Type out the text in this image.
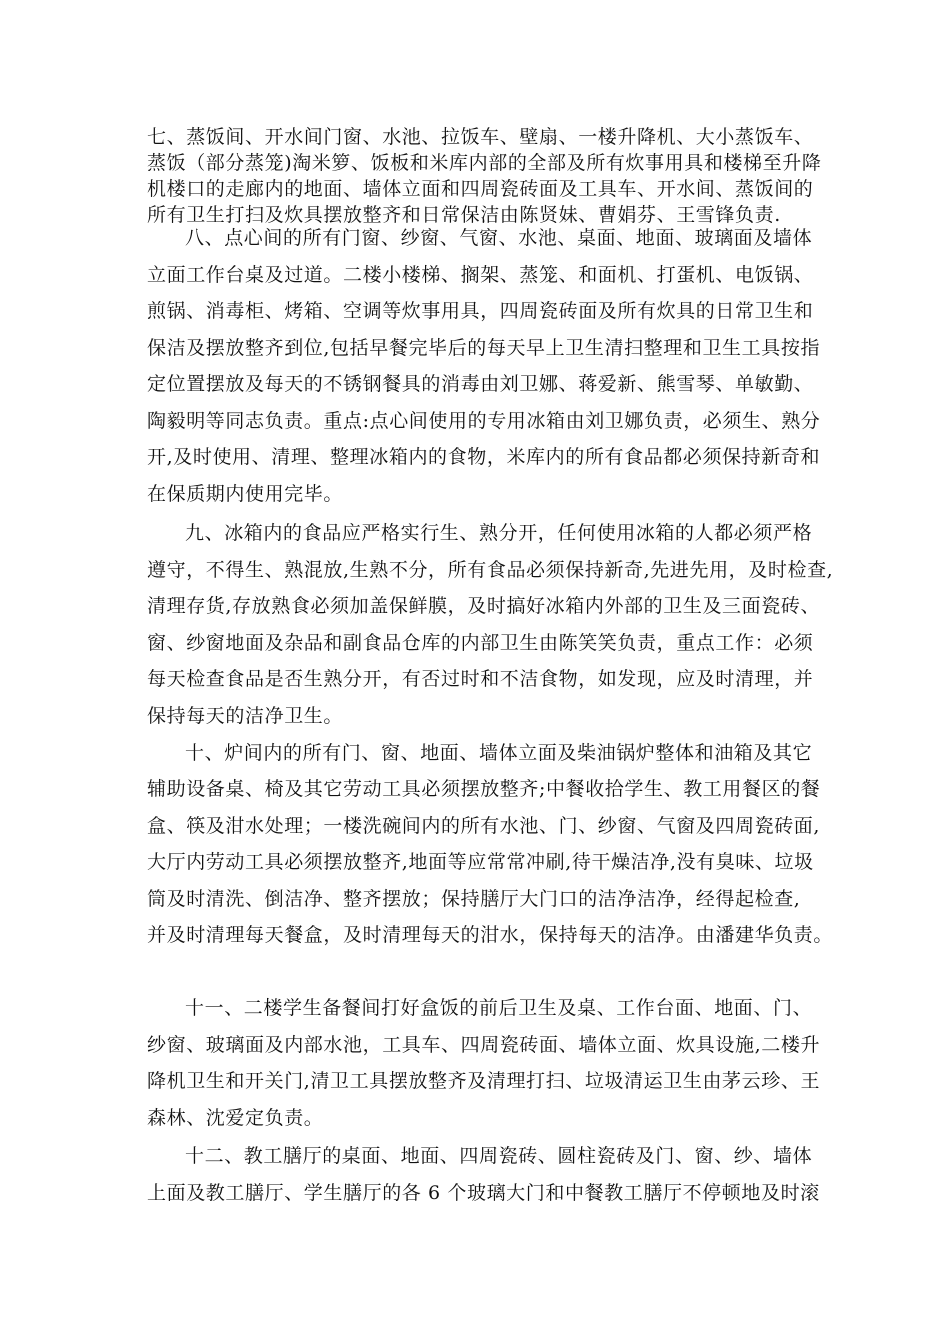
七、蒸饭间、开水间门窗、水池、拉饭车、壁扇、一楼升降机、大小蒸饭车、
蒸饭（部分蒸笼)淘米箩、饭板和米库内部的全部及所有炊事用具和楼梯至升降
机楼口的走廊内的地面、墙体立面和四周瓷砖面及工具车、开水间、蒸饭间的
所有卫生打扫及炊具摆放整齐和日常保洁由陈贤妹、曹娟芬、王雪锋负责.
八、点心间的所有门窗、纱窗、气窗、水池、桌面、地面、玻璃面及墙体
立面工作台桌及过道。二楼小楼梯、搁架、蒸笼、和面机、打蛋机、电饭锅、
煎锅、消毒柜、烤箱、空调等炊事用具，四周瓷砖面及所有炊具的日常卫生和
保洁及摆放整齐到位,包括早餐完毕后的每天早上卫生清扫整理和卫生工具按指
定位置摆放及每天的不锈钢餐具的消毒由刘卫娜、蒋爱新、熊雪琴、单敏勤、
陶毅明等同志负责。重点:点心间使用的专用冰箱由刘卫娜负责，必须生、熟分
开,及时使用、清理、整理冰箱内的食物，米库内的所有食品都必须保持新奇和
在保质期内使用完毕。
九、冰箱内的食品应严格实行生、熟分开，任何使用冰箱的人都必须严格
遵守，不得生、熟混放,生熟不分，所有食品必须保持新奇,先进先用，及时检查,
清理存货,存放熟食必须加盖保鲜膜，及时搞好冰箱内外部的卫生及三面瓷砖、
窗、纱窗地面及杂品和副食品仓库的内部卫生由陈笑笑负责，重点工作：必须
每天检查食品是否生熟分开，有否过时和不洁食物，如发现，应及时清理，并
保持每天的洁净卫生。
十、炉间内的所有门、窗、地面、墙体立面及柴油锅炉整体和油箱及其它
辅助设备桌、椅及其它劳动工具必须摆放整齐;中餐收拾学生、教工用餐区的餐
盒、筷及泔水处理；一楼洗碗间内的所有水池、门、纱窗、气窗及四周瓷砖面,
大厅内劳动工具必须摆放整齐,地面等应常常冲刷,待干燥洁净,没有臭味、垃圾
筒及时清洗、倒洁净、整齐摆放；保持膳厅大门口的洁净洁净，经得起检查,
并及时清理每天餐盒，及时清理每天的泔水，保持每天的洁净。由潘建华负责。
十一、二楼学生备餐间打好盒饭的前后卫生及桌、工作台面、地面、门、
纱窗、玻璃面及内部水池，工具车、四周瓷砖面、墙体立面、炊具设施,二楼升
降机卫生和开关门,清卫工具摆放整齐及清理打扫、垃圾清运卫生由茅云珍、王
森林、沈爱定负责。
十二、教工膳厅的桌面、地面、四周瓷砖、圆柱瓷砖及门、窗、纱、墙体
上面及教工膳厅、学生膳厅的各 6 个玻璃大门和中餐教工膳厅不停顿地及时滚
